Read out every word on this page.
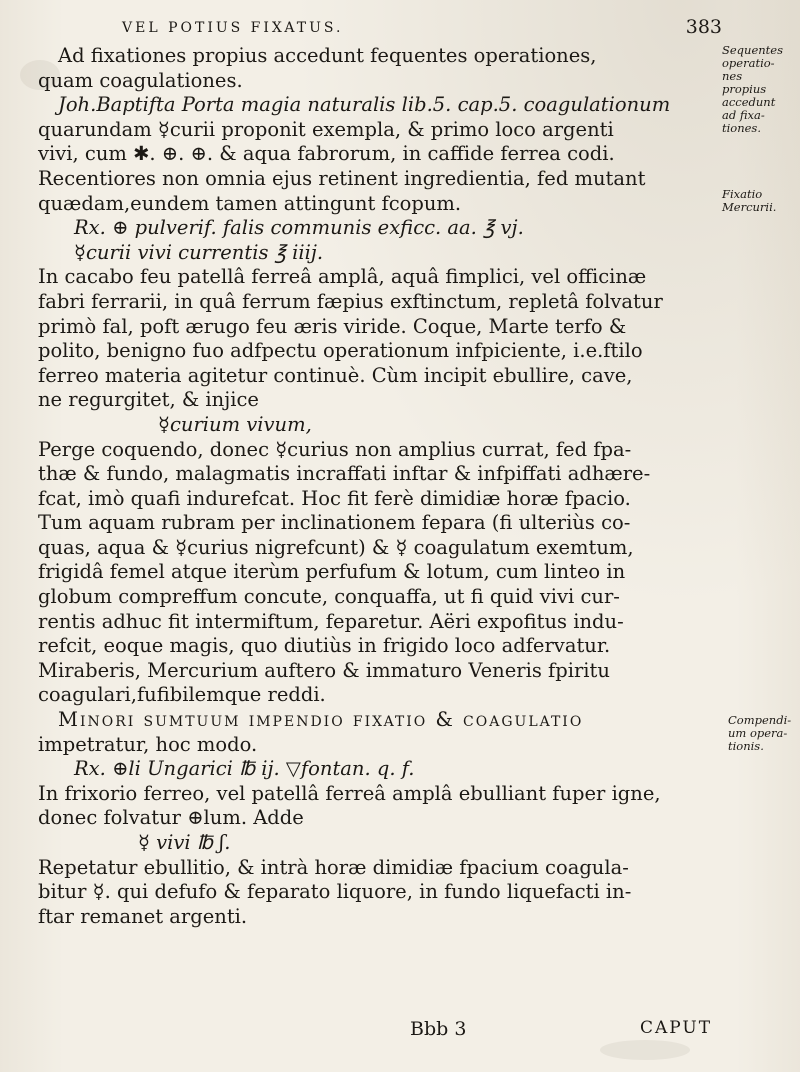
VEL POTIUS FIXATUS.	383
Ad fixationes propius accedunt fequentes operationes,
quam coagulationes.
Joh.Baptifta Porta magia naturalis lib.5. cap.5. coagulationum
quarundam ☿curii proponit exempla, & primo loco argenti
vivi, cum ✱. ⊕. ⊕. & aqua fabrorum, in caffide ferrea codi.
Recentiores non omnia ejus retinent ingredientia, fed mutant
quædam,eundem tamen attingunt fcopum.
Rx. ⊕ pulverif. falis communis exficc. aa. ℥ vj.
☿curii vivi currentis ℥ iiij.
In cacabo feu patellâ ferreâ amplâ, aquâ fimplici, vel officinæ
fabri ferrarii, in quâ ferrum fæpius exftinctum, repletâ folvatur
primò fal, poft ærugo feu æris viride. Coque, Marte terfo &
polito, benigno fuo adfpectu operationum infpiciente, i.e.ftilo
ferreo materia agitetur continuè. Cùm incipit ebullire, cave,
ne regurgitet, & injice
☿curium vivum,
Perge coquendo, donec ☿curius non amplius currat, fed fpa-
thæ & fundo, malagmatis incraffati inftar & infpiffati adhære-
fcat, imò quafi indurefcat. Hoc fit ferè dimidiæ horæ fpacio.
Tum aquam rubram per inclinationem fepara (fi ulteriùs co-
quas, aqua & ☿curius nigrefcunt) & ☿ coagulatum exemtum,
frigidâ femel atque iterùm perfufum & lotum, cum linteo in
globum compreffum concute, conquaffa, ut fi quid vivi cur-
rentis adhuc fit intermiftum, feparetur. Aëri expofitus indu-
refcit, eoque magis, quo diutiùs in frigido loco adfervatur.
Miraberis, Mercurium auftero & immaturo Veneris fpiritu
coagulari,fufibilemque reddi.
Minori sumtuum impendio fixatio & coagulatio
impetratur, hoc modo.
Rx. ⊕li Ungarici ℔ ij. ▽fontan. q. f.
In frixorio ferreo, vel patellâ ferreâ amplâ ebulliant fuper igne,
donec folvatur ⊕lum. Adde
☿ vivi ℔ ʃ.
Repetatur ebullitio, & intrà horæ dimidiæ fpacium coagula-
bitur ☿. qui defufo & feparato liquore, in fundo liquefacti in-
ftar remanet argenti.
Sequentes
operatio-
nes propius
accedunt
ad fixa-
tiones.
Fixatio
Mercurii.
Compendi-
um opera-
tionis.
Bbb 3	CAPUT
